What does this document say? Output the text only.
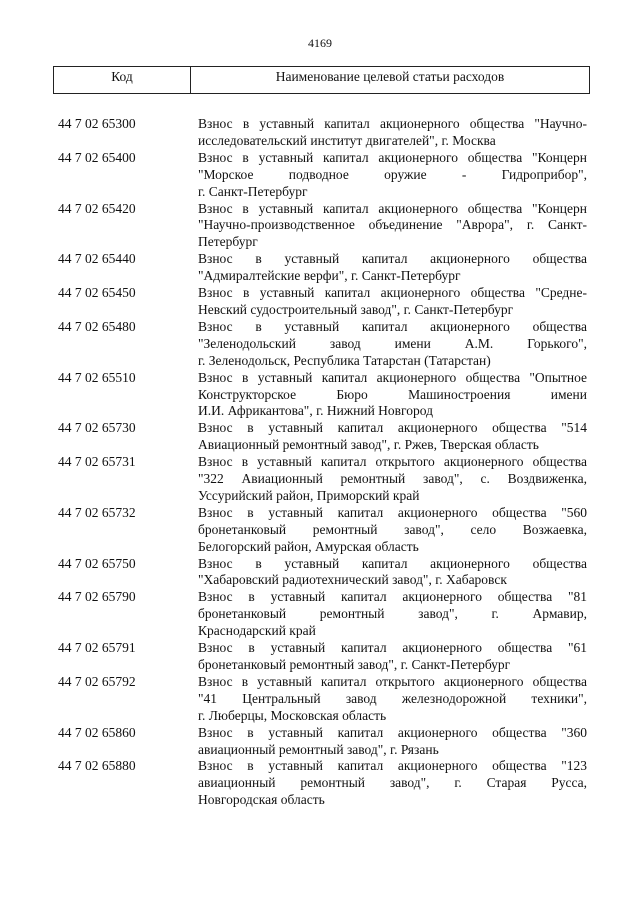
4169
Код	Наименование целевой статьи расходов
44 7 02 65300	Взнос в уставный капитал акционерного общества "Научно-
исследовательский институт двигателей", г. Москва
44 7 02 65400	Взнос в уставный капитал акционерного общества "Концерн
"Морское подводное оружие - Гидроприбор",
г. Санкт-Петербург
44 7 02 65420	Взнос в уставный капитал акционерного общества "Концерн
"Научно-производственное объединение "Аврора", г. Санкт-
Петербург
44 7 02 65440	Взнос в уставный капитал акционерного общества
"Адмиралтейские верфи", г. Санкт-Петербург
44 7 02 65450	Взнос в уставный капитал акционерного общества "Средне-
Невский судостроительный завод", г. Санкт-Петербург
44 7 02 65480	Взнос в уставный капитал акционерного общества
"Зеленодольский завод имени А.М. Горького",
г. Зеленодольск, Республика Татарстан (Татарстан)
44 7 02 65510	Взнос в уставный капитал акционерного общества "Опытное
Конструкторское Бюро Машиностроения имени
И.И. Африкантова", г. Нижний Новгород
44 7 02 65730	Взнос в уставный капитал акционерного общества "514
Авиационный ремонтный завод", г. Ржев, Тверская область
44 7 02 65731	Взнос в уставный капитал открытого акционерного общества
"322 Авиационный ремонтный завод", с. Воздвиженка,
Уссурийский район, Приморский край
44 7 02 65732	Взнос в уставный капитал акционерного общества "560
бронетанковый ремонтный завод", село Возжаевка,
Белогорский район, Амурская область
44 7 02 65750	Взнос в уставный капитал акционерного общества
"Хабаровский радиотехнический завод", г. Хабаровск
44 7 02 65790	Взнос в уставный капитал акционерного общества "81
бронетанковый ремонтный завод", г. Армавир,
Краснодарский край
44 7 02 65791	Взнос в уставный капитал акционерного общества "61
бронетанковый ремонтный завод", г. Санкт-Петербург
44 7 02 65792	Взнос в уставный капитал открытого акционерного общества
"41 Центральный завод железнодорожной техники",
г. Люберцы, Московская область
44 7 02 65860	Взнос в уставный капитал акционерного общества "360
авиационный ремонтный завод", г. Рязань
44 7 02 65880	Взнос в уставный капитал акционерного общества "123
авиационный ремонтный завод", г. Старая Русса,
Новгородская область
